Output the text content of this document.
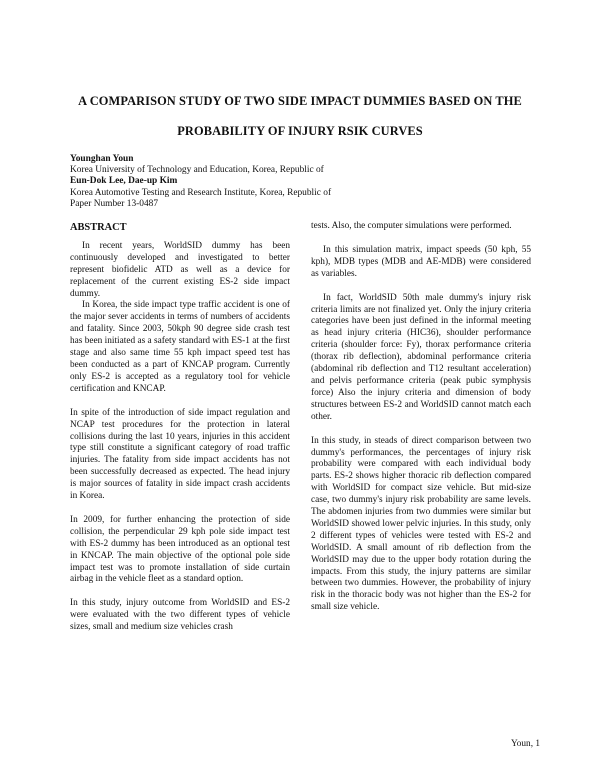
A COMPARISON STUDY OF TWO SIDE IMPACT DUMMIES BASED ON THE
PROBABILITY OF INJURY RSIK CURVES
Younghan Youn
Korea University of Technology and Education, Korea, Republic of
Eun-Dok Lee, Dae-up Kim
Korea Automotive Testing and Research Institute, Korea, Republic of
Paper Number 13-0487
ABSTRACT

In recent years, WorldSID dummy has been continuously developed and investigated to better represent biofidelic ATD as well as a device for replacement of the current existing ES-2 side impact dummy.

In Korea, the side impact type traffic accident is one of the major sever accidents in terms of numbers of accidents and fatality. Since 2003, 50kph 90 degree side crash test has been initiated as a safety standard with ES-1 at the first stage and also same time 55 kph impact speed test has been conducted as a part of KNCAP program. Currently only ES-2 is accepted as a regulatory tool for vehicle certification and KNCAP.

In spite of the introduction of side impact regulation and NCAP test procedures for the protection in lateral collisions during the last 10 years, injuries in this accident type still constitute a significant category of road traffic injuries. The fatality from side impact accidents has not been successfully decreased as expected. The head injury is major sources of fatality in side impact crash accidents in Korea.

In 2009, for further enhancing the protection of side collision, the perpendicular 29 kph pole side impact test with ES-2 dummy has been introduced as an optional test in KNCAP. The main objective of the optional pole side impact test was to promote installation of side curtain airbag in the vehicle fleet as a standard option.

In this study, injury outcome from WorldSID and ES-2 were evaluated with the two different types of vehicle sizes, small and medium size vehicles crash

tests. Also, the computer simulations were performed.

In this simulation matrix, impact speeds (50 kph, 55 kph), MDB types (MDB and AE-MDB) were considered as variables.

In fact, WorldSID 50th male dummy's injury risk criteria limits are not finalized yet. Only the injury criteria categories have been just defined in the informal meeting as head injury criteria (HIC36), shoulder performance criteria (shoulder force: Fy), thorax performance criteria (thorax rib deflection), abdominal performance criteria (abdominal rib deflection and T12 resultant acceleration) and pelvis performance criteria (peak pubic symphysis force) Also the injury criteria and dimension of body structures between ES-2 and WorldSID cannot match each other.

In this study, in steads of direct comparison between two dummy's performances, the percentages of injury risk probability were compared with each individual body parts. ES-2 shows higher thoracic rib deflection compared with WorldSID for compact size vehicle. But mid-size case, two dummy's injury risk probability are same levels. The abdomen injuries from two dummies were similar but WorldSID showed lower pelvic injuries. In this study, only 2 different types of vehicles were tested with ES-2 and WorldSID. A small amount of rib deflection from the WorldSID may due to the upper body rotation during the impacts. From this study, the injury patterns are similar between two dummies. However, the probability of injury risk in the thoracic body was not higher than the ES-2 for small size vehicle.

Youn, 1
